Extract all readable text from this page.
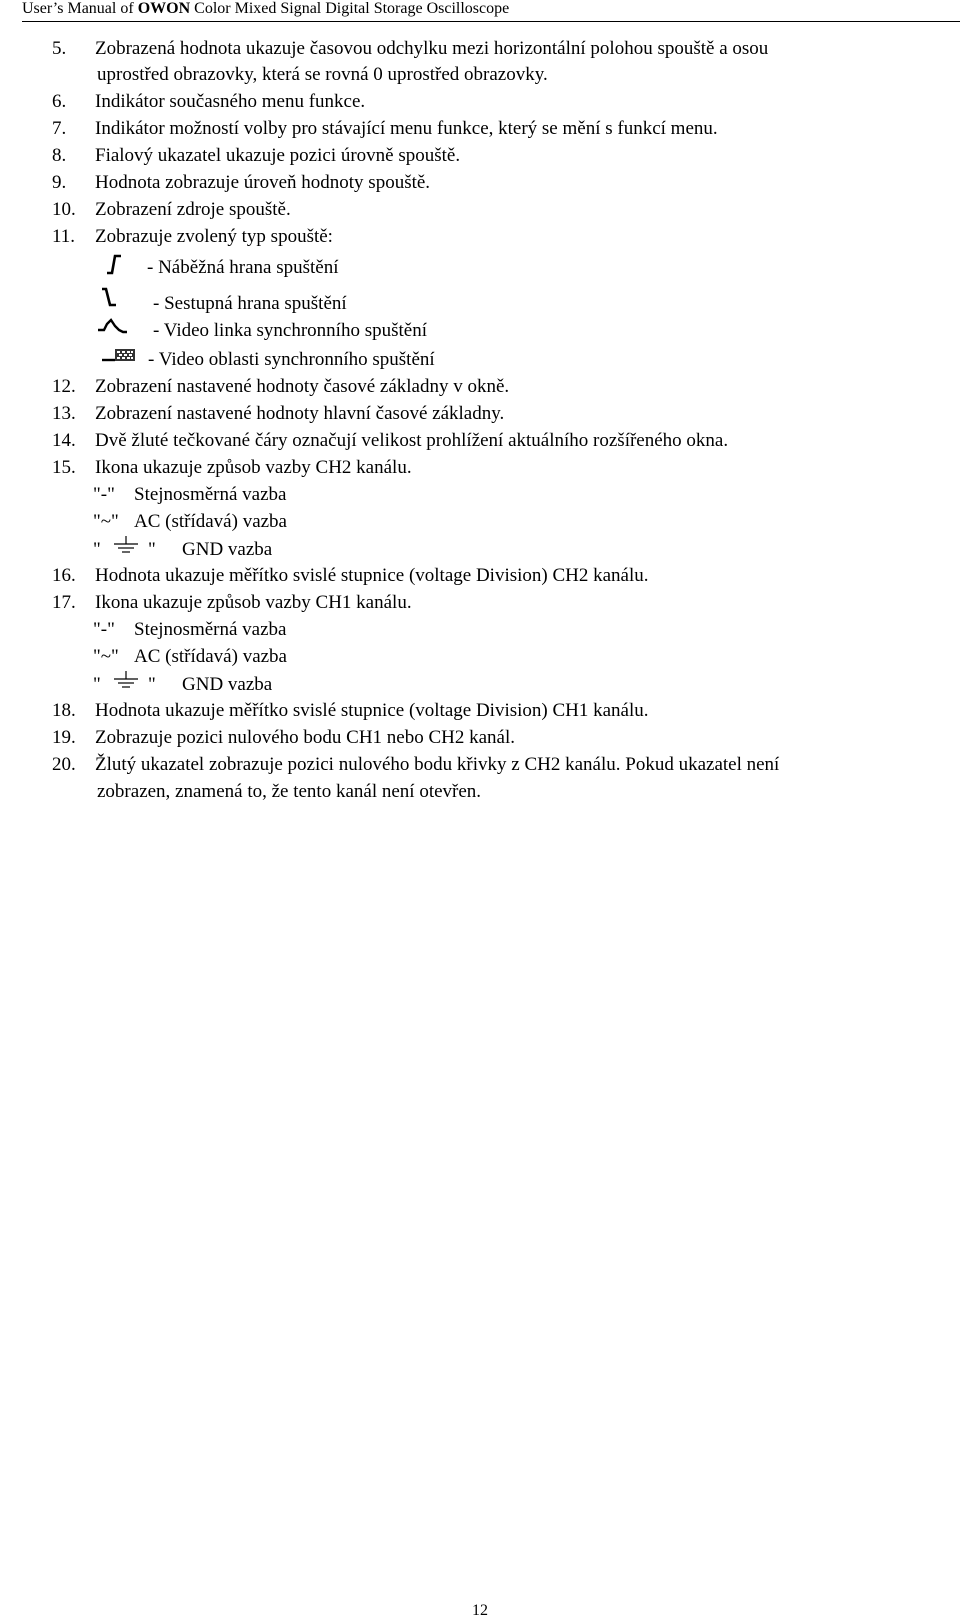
User’s Manual of OWON Color Mixed Signal Digital Storage Oscilloscope
5. Zobrazená hodnota ukazuje časovou odchylku mezi horizontální polohou spouště a osou
uprostřed obrazovky, která se rovná 0 uprostřed obrazovky.
6. Indikátor současného menu funkce.
7. Indikátor možností volby pro stávající menu funkce, který se mění s funkcí menu.
8. Fialový ukazatel ukazuje pozici úrovně spouště.
9. Hodnota zobrazuje úroveň hodnoty spouště.
10. Zobrazení zdroje spouště.
11. Zobrazuje zvolený typ spouště:
- Náběžná hrana spuštění
- Sestupná hrana spuštění
- Video linka synchronního spuštění
- Video oblasti synchronního spuštění
12. Zobrazení nastavené hodnoty časové základny v okně.
13. Zobrazení nastavené hodnoty hlavní časové základny.
14. Dvě žluté tečkované čáry označují velikost prohlížení aktuálního rozšířeného okna.
15. Ikona ukazuje způsob vazby CH2 kanálu.
"-" Stejnosměrná vazba
"~" AC (střídavá) vazba
" " GND vazba
16. Hodnota ukazuje měřítko svislé stupnice (voltage Division) CH2 kanálu.
17. Ikona ukazuje způsob vazby CH1 kanálu.
"-" Stejnosměrná vazba
"~" AC (střídavá) vazba
" " GND vazba
18. Hodnota ukazuje měřítko svislé stupnice (voltage Division) CH1 kanálu.
19. Zobrazuje pozici nulového bodu CH1 nebo CH2 kanál.
20. Žlutý ukazatel zobrazuje pozici nulového bodu křivky z CH2 kanálu. Pokud ukazatel není
zobrazen, znamená to, že tento kanál není otevřen.
12
